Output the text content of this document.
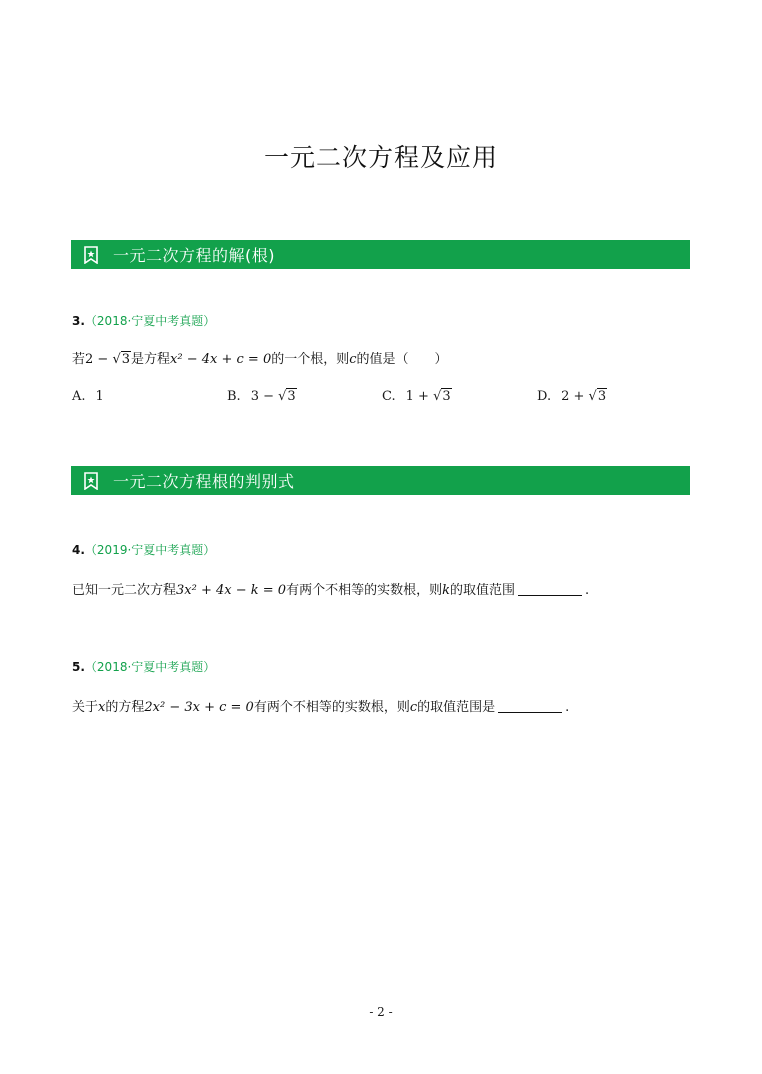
一元二次方程及应用
一元二次方程的解(根)
3.（2018·宁夏中考真题）
若2 − √3是方程x² − 4x + c = 0的一个根，则c的值是（　　）
A. 1	B. 3 − √3	C. 1 + √3	D. 2 + √3
一元二次方程根的判别式
4.（2019·宁夏中考真题）
已知一元二次方程3x² + 4x − k = 0有两个不相等的实数根，则k的取值范围	.
5.（2018·宁夏中考真题）
关于x的方程2x² − 3x + c = 0有两个不相等的实数根，则c的取值范围是	.
- 2 -
